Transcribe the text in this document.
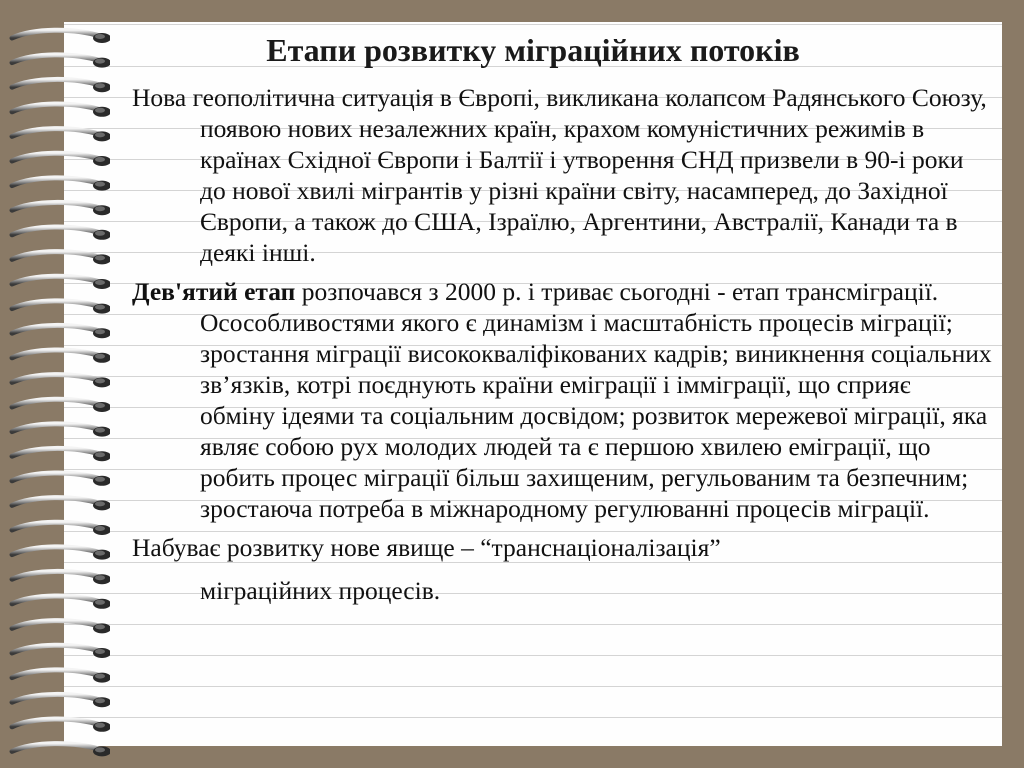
Етапи розвитку міграційних потоків

Нова геополітична ситуація в Європі, викликана колапсом Радянського Союзу, появою нових незалежних країн, крахом комуністичних режимів в країнах Східної Європи і Балтії і утворення СНД призвели в 90-і роки до нової хвилі мігрантів у різні країни світу, насамперед, до Західної Європи, а також до США, Ізраїлю, Аргентини, Австралії, Канади та в деякі інші.

Дев'ятий етап розпочався з 2000 р. і триває сьогодні - етап трансміграції. Осособливостями якого є динамізм і масштабність процесів міграції; зростання міграції висококваліфікованих кадрів; виникнення соціальних зв’язків, котрі поєднують країни еміграції і імміграції, що сприяє обміну ідеями та соціальним досвідом; розвиток мережевої міграції, яка являє собою рух молодих людей та є першою хвилею еміграції, що робить процес міграції більш захищеним, регульованим та безпечним; зростаюча потреба в міжнародному регулюванні процесів міграції.

Набуває розвитку нове явище – “транснаціоналізація”
міграційних процесів.
